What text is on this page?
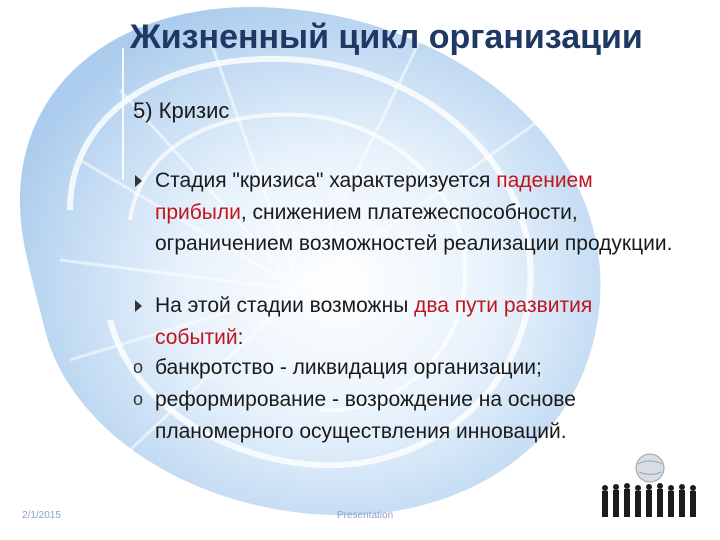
Жизненный цикл организации
5) Кризис
Стадия "кризиса" характеризуется падением прибыли, снижением платежеспособности, ограничением возможностей реализации продукции.
На этой стадии возможны два пути развития событий:
o банкротство - ликвидация организации;
o реформирование - возрождение на основе планомерного осуществления инноваций.
2/1/2015	Presentation
